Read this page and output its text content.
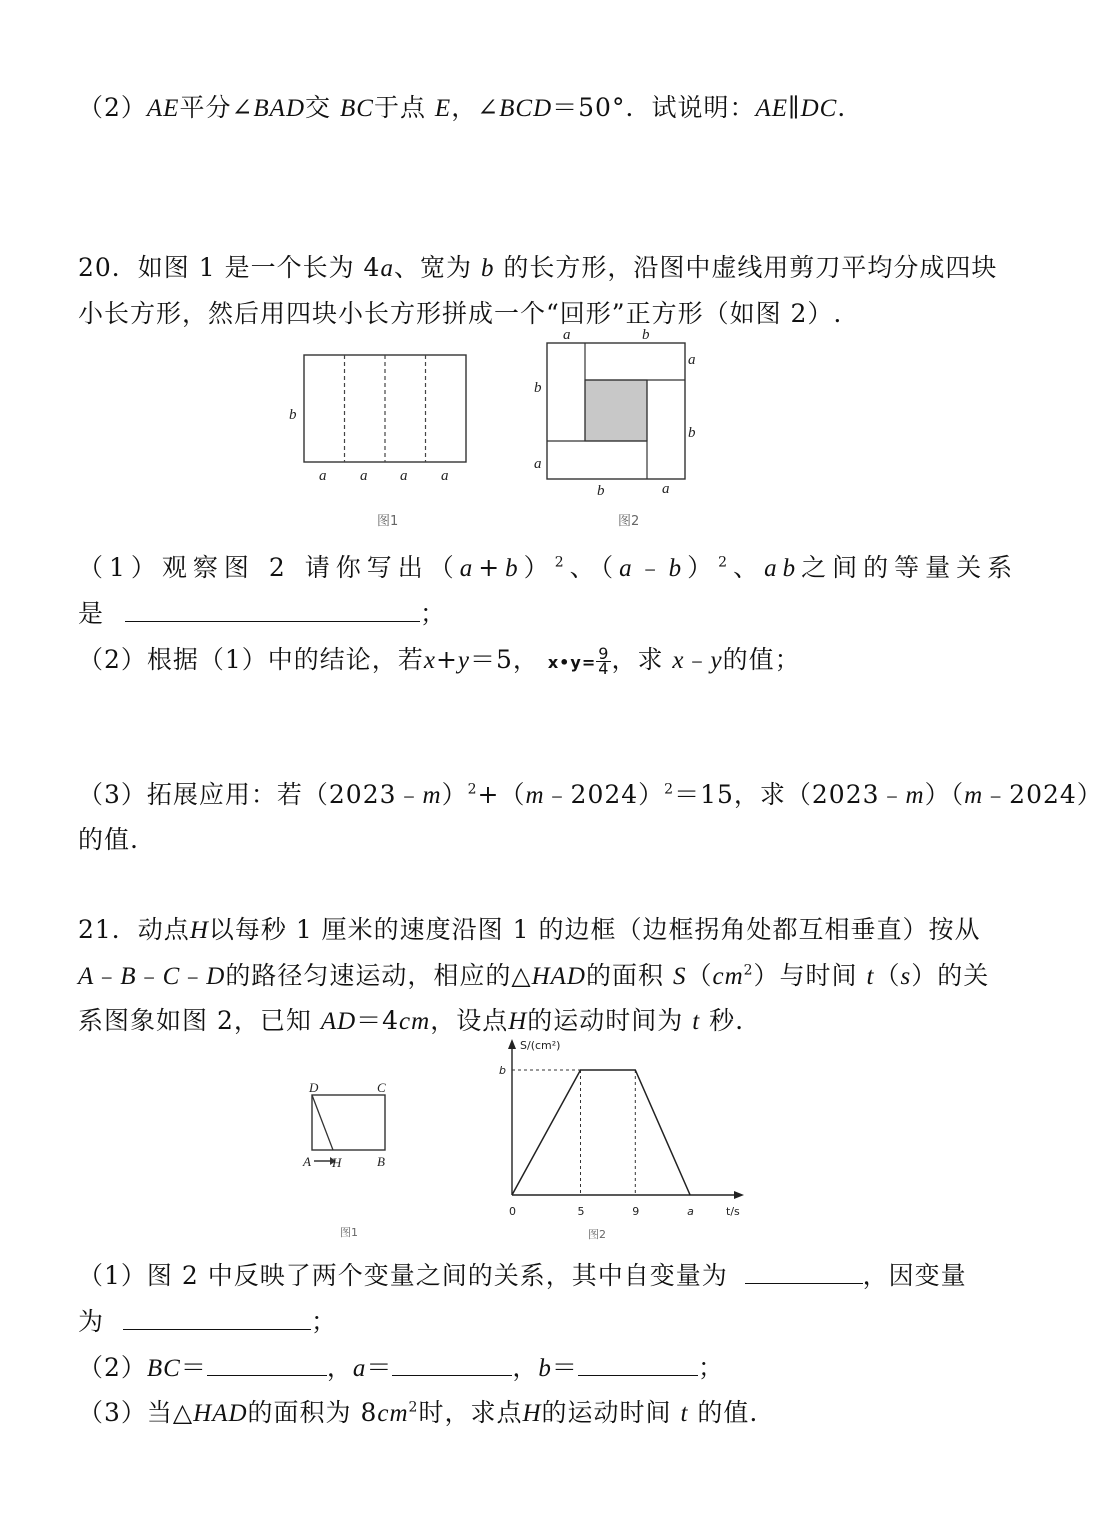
（2）AE平分∠BAD交 BC于点 E，∠BCD＝50°．试说明：AE∥DC.
20．如图 1 是一个长为 4a、宽为 b 的长方形，沿图中虚线用剪刀平均分成四块
小长方形，然后用四块小长方形拼成一个“回形”正方形（如图 2）.
b
a a a a
图1
a	b
a
b
b
a
b	a
图2
（1）观察图 2 请你写出$(a+b)^2$、（a﹣b）$^2$、ab之间的等量关系
是	；
（2）根据（1）中的结论，若x+y＝5， x•y= $\frac{9}{4}$ ，求 x﹣y的值；
（3）拓展应用：若（2023﹣m）$^2$+（m﹣2024）$^2$＝15，求（2023﹣m）（m﹣2024）
的值.
21．动点H以每秒 1 厘米的速度沿图 1 的边框（边框拐角处都互相垂直）按从
A﹣B﹣C﹣D的路径匀速运动，相应的△HAD的面积 $S(cm^2)$与时间 t（s）的关
系图象如图 2，已知 AD＝4cm，设点H的运动时间为 t 秒.
D	C
A H	B
图1
S/(cm²)
t/s
0	5	9	a
b
图2
（1）图 2 中反映了两个变量之间的关系，其中自变量为	，因变量
为	；
（2）BC＝	，a＝	，b＝	；
（3）当△HAD的面积为 $8cm^2$时，求点H的运动时间 t 的值.
